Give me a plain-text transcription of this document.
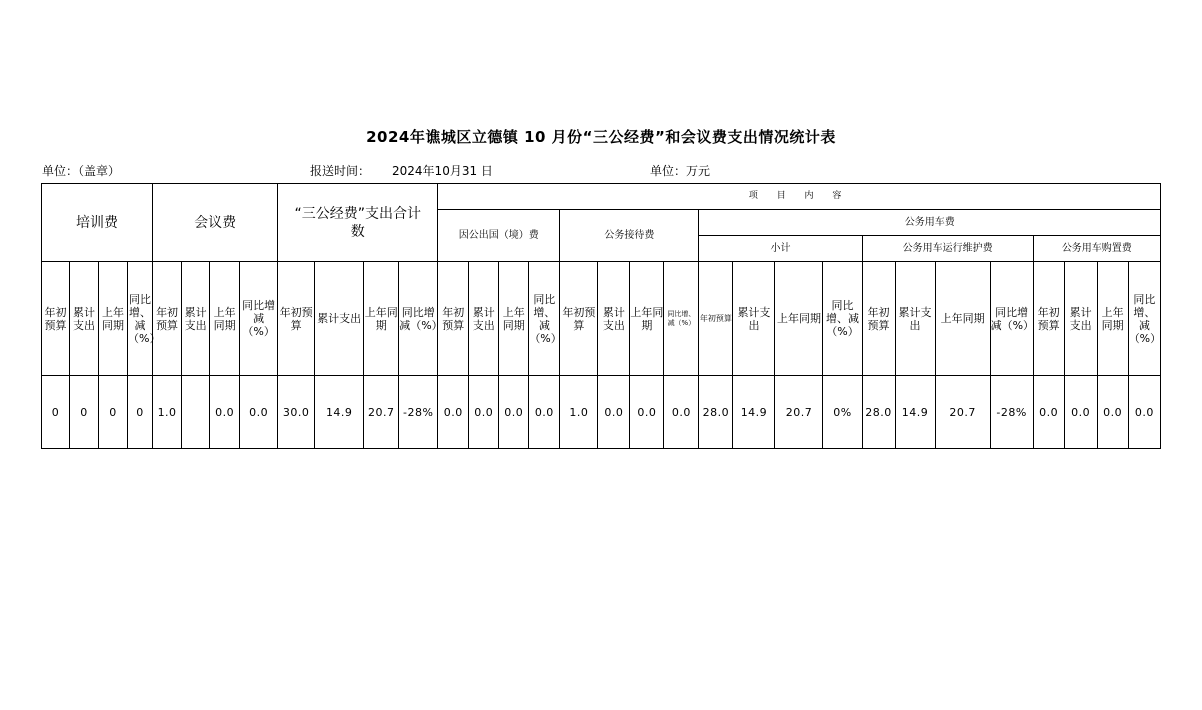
2024年谯城区立德镇 10 月份“三公经费”和会议费支出情况统计表
单位：（盖章）	报送时间： 2024年10月31 日	单位：万元
培训费				会议费				“三公经费”支出合计数				项 目 内 容																			
												因公出国（境）费				公务接待费				公务用车费											
																				小计				公务用车运行维护费				公务用车购置费			
年初预算	累计支出	上年同期	同比增、减（%）	年初预算	累计支出	上年同期	同比增减（%）	年初预算	累计支出	上年同期	同比增减（%）	年初预算	累计支出	上年同期	同比增、减（%）	年初预算	累计支出	上年同期	同比增、减（%）	年初预算	累计支出	上年同期	同比增、减（%）	年初预算	累计支出	上年同期	同比增减（%）	年初预算	累计支出	上年同期	同比增、减（%）
0	0	0	0	1.0		0.0	0.0	30.0	14.9	20.7	-28%	0.0	0.0	0.0	0.0	1.0	0.0	0.0	0.0	28.0	14.9	20.7	0%	28.0	14.9	20.7	-28%	0.0	0.0	0.0	0.0
